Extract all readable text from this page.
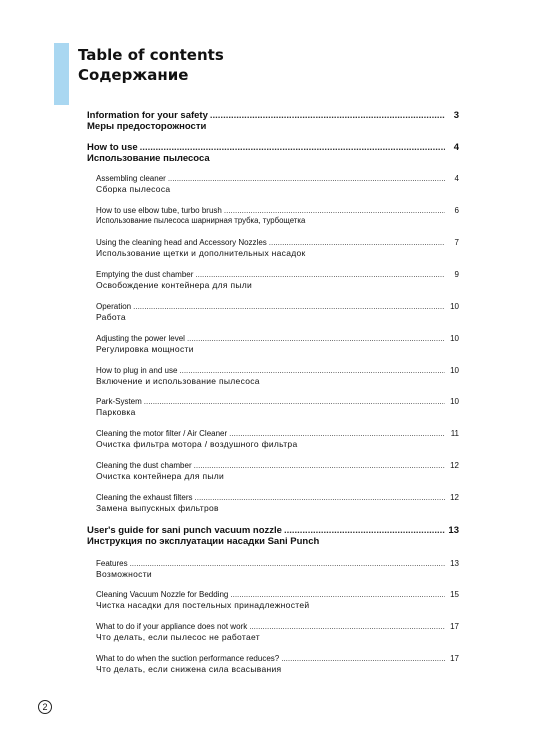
Table of contents
Содержание
Information for your safety .....	3
Меры предосторожности
How to use .....	4
Использование пылесоса
Assembling cleaner .....	4
Сборка пылесоса
How to use elbow tube, turbo brush .....	6
Использование пылесоса шарнирная трубка, турбощетка
Using the cleaning head and Accessory Nozzles .....	7
Использование щетки и дополнительных насадок
Emptying the dust chamber .....	9
Освобождение контейнера для пыли
Operation .....	10
Работа
Adjusting the power level .....	10
Регулировка мощности
How to plug in and use .....	10
Включение и использование пылесоса
Park-System .....	10
Парковка
Cleaning the motor filter / Air Cleaner .....	11
Очистка фильтра мотора / воздушного фильтра
Cleaning the dust chamber .....	12
Очистка контейнера для пыли
Cleaning the exhaust filters .....	12
Замена выпускных фильтров
User's guide for sani punch vacuum nozzle .....	13
Инструкция по эксплуатации насадки Sani Punch
Features .....	13
Возможности
Cleaning Vacuum Nozzle for Bedding .....	15
Чистка насадки для постельных принадлежностей
What to do if your appliance does not work .....	17
Что делать, если пылесос не работает
What to do when the suction performance reduces? .....	17
Что делать, если снижена сила всасывания
2
